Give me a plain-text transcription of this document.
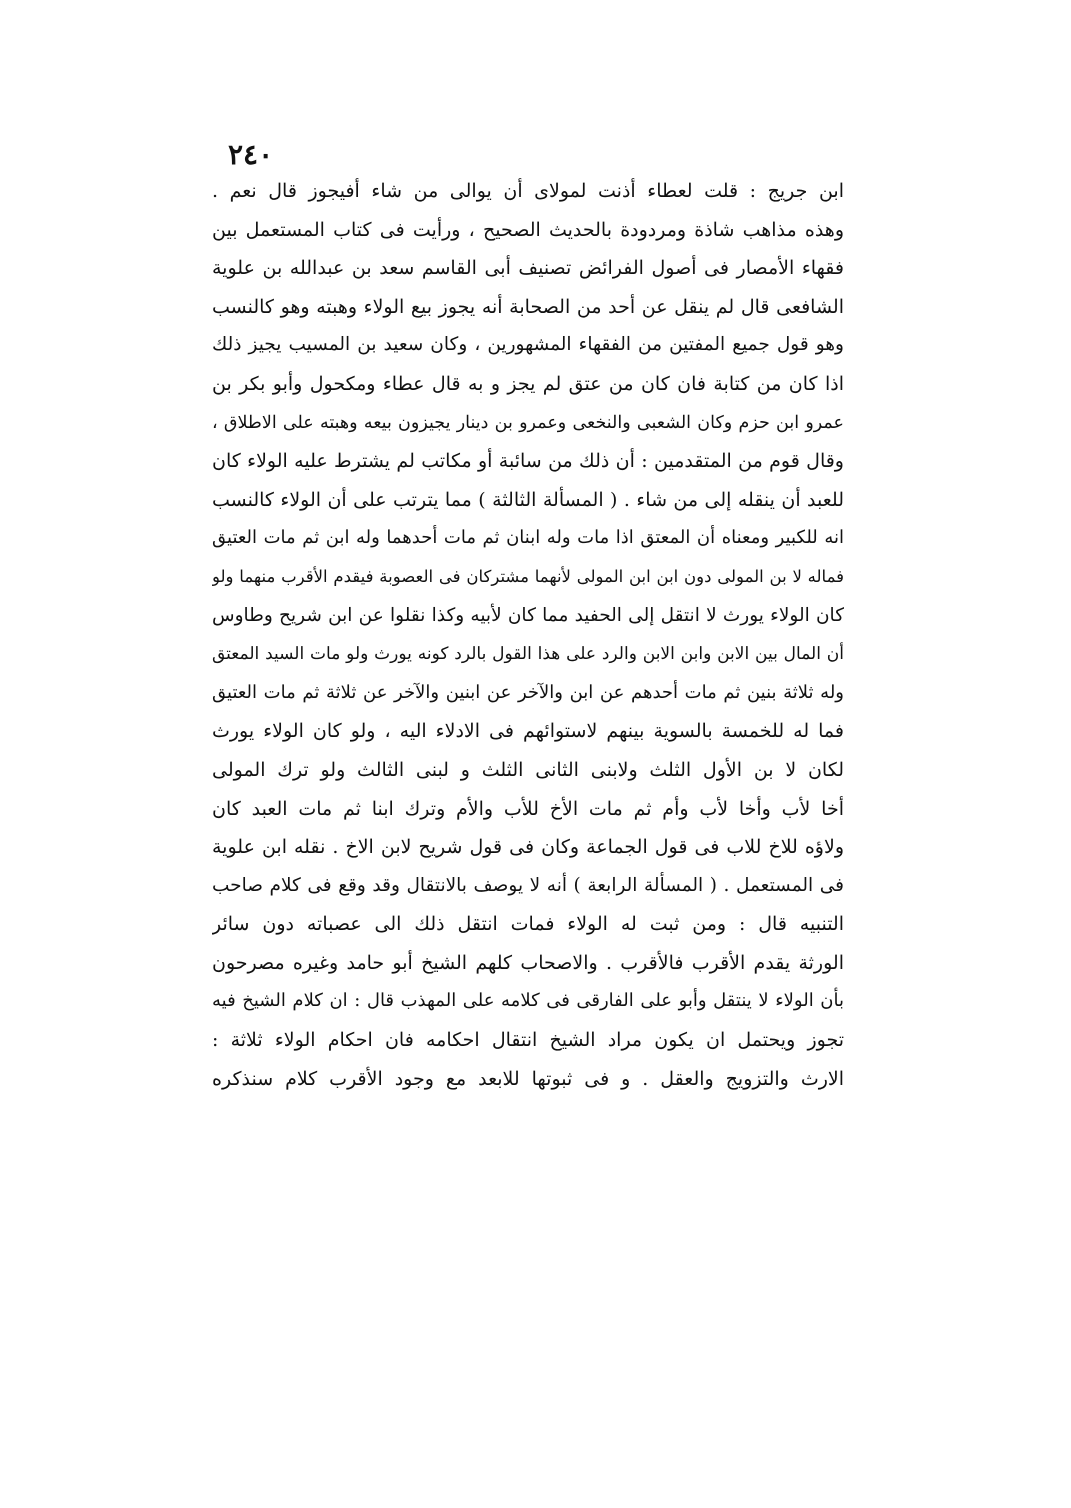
٢٤٠
ابن جريج : قلت لعطاء أذنت لمولاى أن يوالى من شاء أفيجوز قال نعم .
وهذه مذاهب شاذة ومردودة بالحديث الصحيح ، ورأيت فى كتاب المستعمل بين
فقهاء الأمصار فى أصول الفرائض تصنيف أبى القاسم سعد بن عبدالله بن علوية
الشافعى قال لم ينقل عن أحد من الصحابة أنه يجوز بيع الولاء وهبته وهو كالنسب
وهو قول جميع المفتين من الفقهاء المشهورين ، وكان سعيد بن المسيب يجيز ذلك
اذا كان من كتابة فان كان من عتق لم يجز و به قال عطاء ومكحول وأبو بكر بن
عمرو ابن حزم وكان الشعبى والنخعى وعمرو بن دينار يجيزون بيعه وهبته على الاطلاق ،
وقال قوم من المتقدمين : أن ذلك من سائبة أو مكاتب لم يشترط عليه الولاء كان
للعبد أن ينقله إلى من شاء . ( المسألة الثالثة ) مما يترتب على أن الولاء كالنسب
انه للكبير ومعناه أن المعتق اذا مات وله ابنان ثم مات أحدهما وله ابن ثم مات العتيق
فماله لا بن المولى دون ابن ابن المولى لأنهما مشتركان فى العصوبة فيقدم الأقرب منهما ولو
كان الولاء يورث لا انتقل إلى الحفيد مما كان لأبيه وكذا نقلوا عن ابن شريح وطاوس
أن المال بين الابن وابن الابن والرد على هذا القول بالرد كونه يورث ولو مات السيد المعتق
وله ثلاثة بنين ثم مات أحدهم عن ابن والآخر عن ابنين والآخر عن ثلاثة ثم مات العتيق
فما له للخمسة بالسوية بينهم لاستوائهم فى الادلاء اليه ، ولو كان الولاء يورث
لكان لا بن الأول الثلث ولابنى الثانى الثلث و لبنى الثالث ولو ترك المولى
أخا لأب وأخا لأب وأم ثم مات الأخ للأب والأم وترك ابنا ثم مات العبد كان
ولاؤه للاخ للاب فى قول الجماعة وكان فى قول شريح لابن الاخ . نقله ابن علوية
فى المستعمل . ( المسألة الرابعة ) أنه لا يوصف بالانتقال وقد وقع فى كلام صاحب
التنبيه قال : ومن ثبت له الولاء فمات انتقل ذلك الى عصباته دون سائر
الورثة يقدم الأقرب فالأقرب . والاصحاب كلهم الشيخ أبو حامد وغيره مصرحون
بأن الولاء لا ينتقل وأبو على الفارقى فى كلامه على المهذب قال : ان كلام الشيخ فيه
تجوز ويحتمل ان يكون مراد الشيخ انتقال احكامه فان احكام الولاء ثلاثة :
الارث والتزويج والعقل . و فى ثبوتها للابعد مع وجود الأقرب كلام سنذكره
